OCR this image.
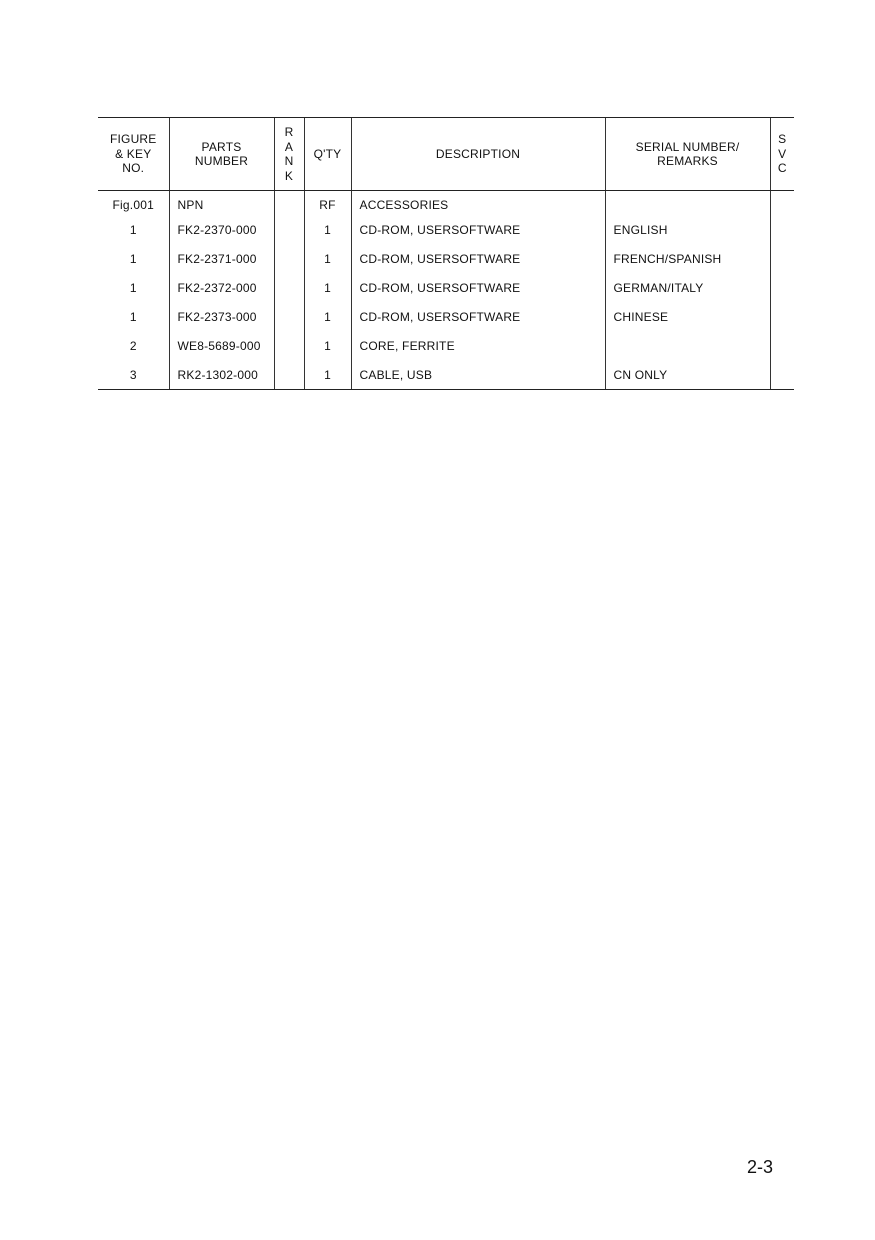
FIGURE
& KEY
NO.	PARTS
NUMBER	R
A
N
K	Q'TY	DESCRIPTION	SERIAL NUMBER/
REMARKS	S
V
C
Fig.001	NPN		RF	ACCESSORIES		
1	FK2-2370-000		1	CD-ROM, USERSOFTWARE	ENGLISH	
1	FK2-2371-000		1	CD-ROM, USERSOFTWARE	FRENCH/SPANISH	
1	FK2-2372-000		1	CD-ROM, USERSOFTWARE	GERMAN/ITALY	
1	FK2-2373-000		1	CD-ROM, USERSOFTWARE	CHINESE	
2	WE8-5689-000		1	CORE, FERRITE		
3	RK2-1302-000		1	CABLE, USB	CN ONLY	
2-3
